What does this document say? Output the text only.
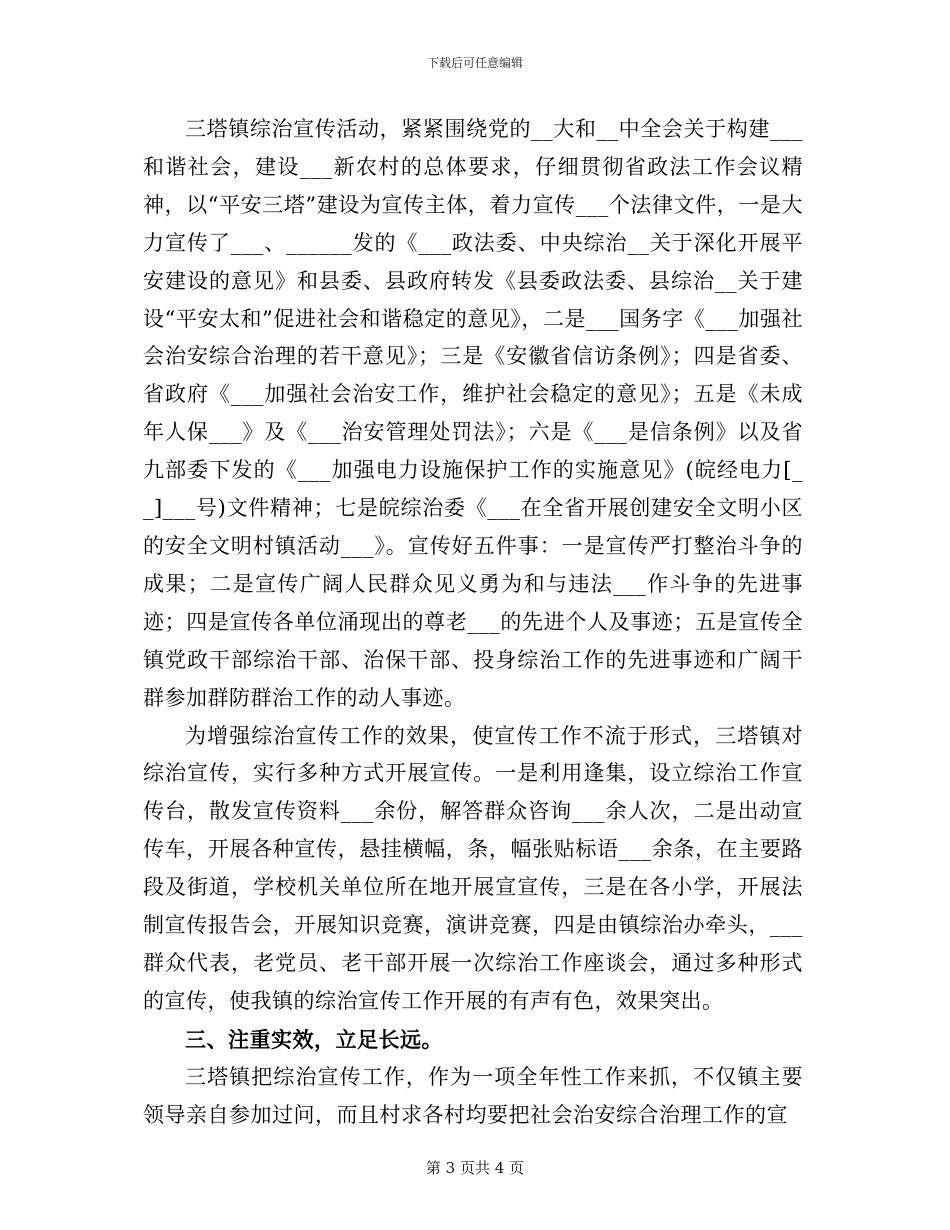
下载后可任意编辑

三塔镇综治宣传活动，紧紧围绕党的__大和__中全会关于构建___和谐社会，建设___新农村的总体要求，仔细贯彻省政法工作会议精神，以“平安三塔”建设为宣传主体，着力宣传___个法律文件，一是大力宣传了___、______发的《___政法委、中央综治__关于深化开展平安建设的意见》和县委、县政府转发《县委政法委、县综治__关于建设“平安太和”促进社会和谐稳定的意见》，二是___国务字《___加强社会治安综合治理的若干意见》；三是《安徽省信访条例》；四是省委、省政府《___加强社会治安工作，维护社会稳定的意见》；五是《未成年人保___》及《___治安管理处罚法》；六是《___是信条例》以及省九部委下发的《___加强电力设施保护工作的实施意见》(皖经电力[__]___号)文件精神；七是皖综治委《___在全省开展创建安全文明小区的安全文明村镇活动___》。宣传好五件事：一是宣传严打整治斗争的成果；二是宣传广阔人民群众见义勇为和与违法___作斗争的先进事迹；四是宣传各单位涌现出的尊老___的先进个人及事迹；五是宣传全镇党政干部综治干部、治保干部、投身综治工作的先进事迹和广阔干群参加群防群治工作的动人事迹。

为增强综治宣传工作的效果，使宣传工作不流于形式，三塔镇对综治宣传，实行多种方式开展宣传。一是利用逢集，设立综治工作宣传台，散发宣传资料___余份，解答群众咨询___余人次，二是出动宣传车，开展各种宣传，悬挂横幅，条，幅张贴标语___余条，在主要路段及街道，学校机关单位所在地开展宣宣传，三是在各小学，开展法制宣传报告会，开展知识竞赛，演讲竞赛，四是由镇综治办牵头，___群众代表，老党员、老干部开展一次综治工作座谈会，通过多种形式的宣传，使我镇的综治宣传工作开展的有声有色，效果突出。

三、注重实效，立足长远。

三塔镇把综治宣传工作，作为一项全年性工作来抓，不仅镇主要领导亲自参加过问，而且村求各村均要把社会治安综合治理工作的宣

第 3 页共 4 页
